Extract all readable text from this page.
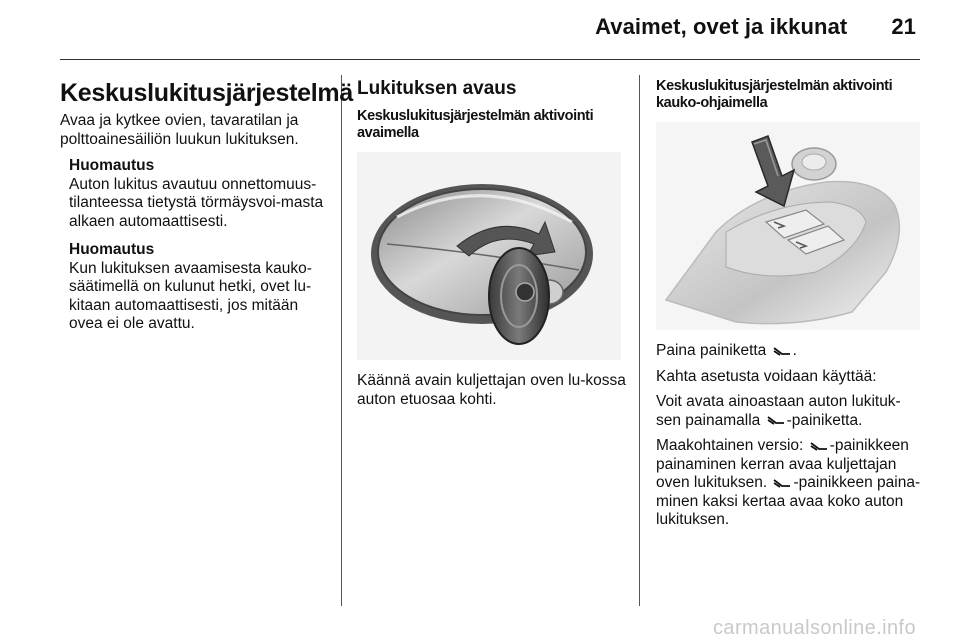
Avaimet, ovet ja ikkunat 21
Keskuslukitusjärjestelmä

Avaa ja kytkee ovien, tavaratilan ja polttoainesäiliön luukun lukituksen.

Huomautus
Auton lukitus avautuu onnettomuus-tilanteessa tietystä törmäysvoi-masta alkaen automaattisesti.
Huomautus
Kun lukituksen avaamisesta kauko-säätimellä on kulunut hetki, ovet lu-kitaan automaattisesti, jos mitään ovea ei ole avattu.
Lukituksen avaus
Keskuslukitusjärjestelmän aktivointi avaimella

Käännä avain kuljettajan oven lu-kossa auton etuosaa kohti.

Keskuslukitusjärjestelmän aktivointi kauko-ohjaimella

Paina painiketta .

Kahta asetusta voidaan käyttää:

Voit avata ainoastaan auton lukituk-sen painamalla -painiketta.

Maakohtainen versio: -painikkeen painaminen kerran avaa kuljettajan oven lukituksen. -painikkeen paina-minen kaksi kertaa avaa koko auton lukituksen.

carmanualsonline.info
